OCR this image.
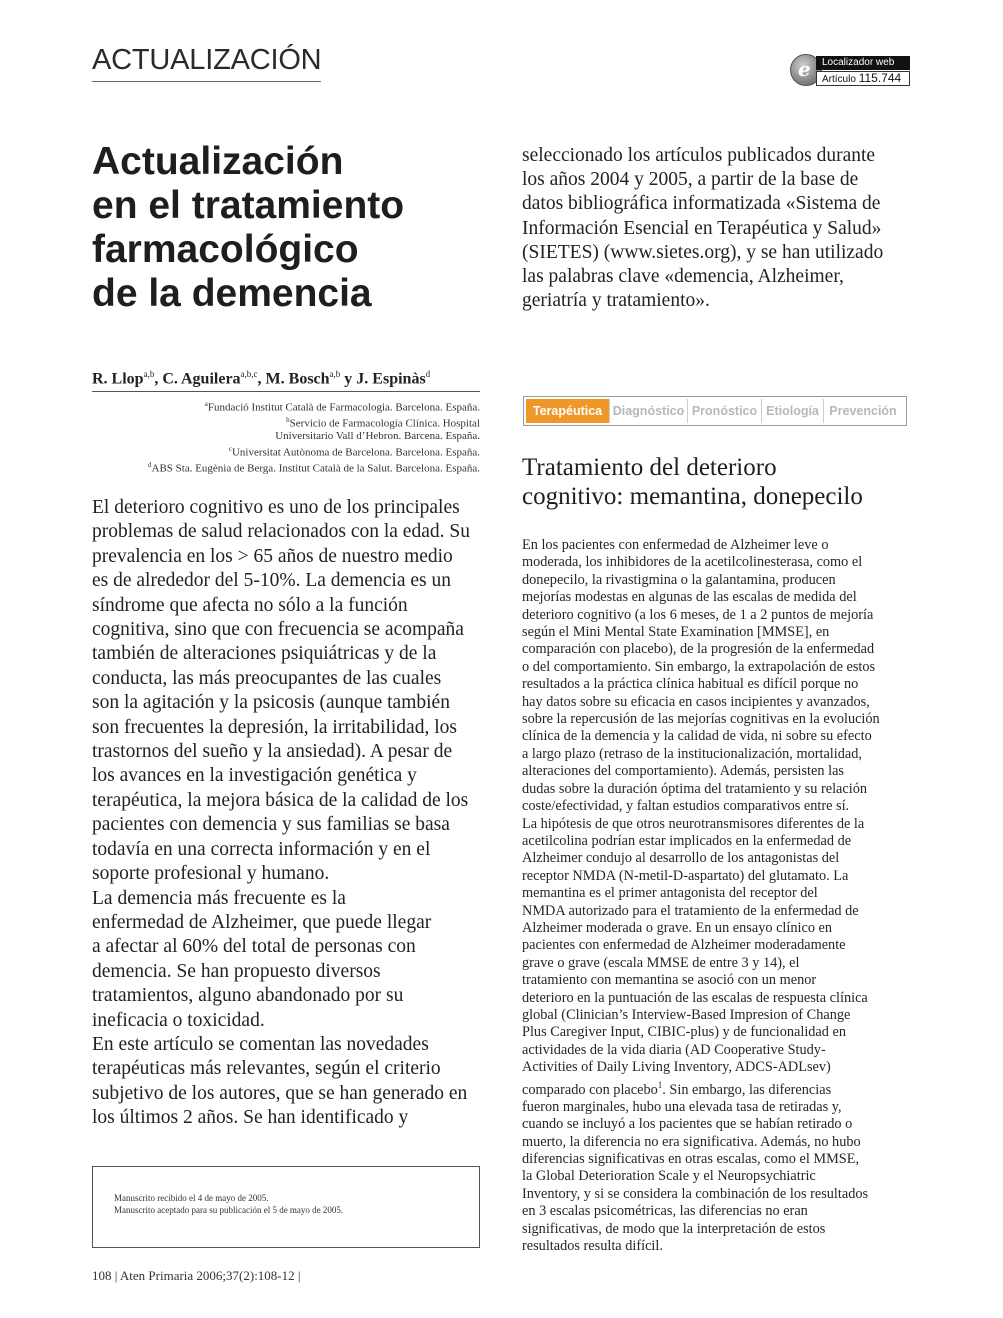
ACTUALIZACIÓN	e	Localizador web
Artículo 115.744
Actualización
en el tratamiento
farmacológico
de la demencia
R. Llop$^{a,b}$, C. Aguilera$^{a,b,c}$, M. Bosch$^{a,b}$ y J. Espinàs$^d$
$^a$Fundació Institut Català de Farmacologia. Barcelona. España.
$^b$Servicio de Farmacología Clínica. Hospital
Universitario Vall d’Hebron. Barcena. España.
$^c$Universitat Autònoma de Barcelona. Barcelona. España.
$^d$ABS Sta. Eugènia de Berga. Institut Català de la Salut. Barcelona. España.
El deterioro cognitivo es uno de los principales
problemas de salud relacionados con la edad. Su
prevalencia en los > 65 años de nuestro medio
es de alrededor del 5-10%. La demencia es un
síndrome que afecta no sólo a la función
cognitiva, sino que con frecuencia se acompaña
también de alteraciones psiquiátricas y de la
conducta, las más preocupantes de las cuales
son la agitación y la psicosis (aunque también
son frecuentes la depresión, la irritabilidad, los
trastornos del sueño y la ansiedad). A pesar de
los avances en la investigación genética y
terapéutica, la mejora básica de la calidad de los
pacientes con demencia y sus familias se basa
todavía en una correcta información y en el
soporte profesional y humano.
La demencia más frecuente es la
enfermedad de Alzheimer, que puede llegar
a afectar al 60% del total de personas con
demencia. Se han propuesto diversos
tratamientos, alguno abandonado por su
ineficacia o toxicidad.
En este artículo se comentan las novedades
terapéuticas más relevantes, según el criterio
subjetivo de los autores, que se han generado en
los últimos 2 años. Se han identificado y
Manuscrito recibido el 4 de mayo de 2005.
Manuscrito aceptado para su publicación el 5 de mayo de 2005.
108 | Aten Primaria 2006;37(2):108-12 |
seleccionado los artículos publicados durante
los años 2004 y 2005, a partir de la base de
datos bibliográfica informatizada «Sistema de
Información Esencial en Terapéutica y Salud»
(SIETES) (www.sietes.org), y se han utilizado
las palabras clave «demencia, Alzheimer,
geriatría y tratamiento».
Terapéutica Diagnóstico Pronóstico Etiología Prevención
Tratamiento del deterioro
cognitivo: memantina, donepecilo
En los pacientes con enfermedad de Alzheimer leve o
moderada, los inhibidores de la acetilcolinesterasa, como el
donepecilo, la rivastigmina o la galantamina, producen
mejorías modestas en algunas de las escalas de medida del
deterioro cognitivo (a los 6 meses, de 1 a 2 puntos de mejoría
según el Mini Mental State Examination [MMSE], en
comparación con placebo), de la progresión de la enfermedad
o del comportamiento. Sin embargo, la extrapolación de estos
resultados a la práctica clínica habitual es difícil porque no
hay datos sobre su eficacia en casos incipientes y avanzados,
sobre la repercusión de las mejorías cognitivas en la evolución
clínica de la demencia y la calidad de vida, ni sobre su efecto
a largo plazo (retraso de la institucionalización, mortalidad,
alteraciones del comportamiento). Además, persisten las
dudas sobre la duración óptima del tratamiento y su relación
coste/efectividad, y faltan estudios comparativos entre sí.
La hipótesis de que otros neurotransmisores diferentes de la
acetilcolina podrían estar implicados en la enfermedad de
Alzheimer condujo al desarrollo de los antagonistas del
receptor NMDA (N-metil-D-aspartato) del glutamato. La
memantina es el primer antagonista del receptor del
NMDA autorizado para el tratamiento de la enfermedad de
Alzheimer moderada o grave. En un ensayo clínico en
pacientes con enfermedad de Alzheimer moderadamente
grave o grave (escala MMSE de entre 3 y 14), el
tratamiento con memantina se asoció con un menor
deterioro en la puntuación de las escalas de respuesta clínica
global (Clinician’s Interview-Based Impresion of Change
Plus Caregiver Input, CIBIC-plus) y de funcionalidad en
actividades de la vida diaria (AD Cooperative Study-
Activities of Daily Living Inventory, ADCS-ADLsev)
comparado con placebo$^1$. Sin embargo, las diferencias
fueron marginales, hubo una elevada tasa de retiradas y,
cuando se incluyó a los pacientes que se habían retirado o
muerto, la diferencia no era significativa. Además, no hubo
diferencias significativas en otras escalas, como el MMSE,
la Global Deterioration Scale y el Neuropsychiatric
Inventory, y si se considera la combinación de los resultados
en 3 escalas psicométricas, las diferencias no eran
significativas, de modo que la interpretación de estos
resultados resulta difícil.
